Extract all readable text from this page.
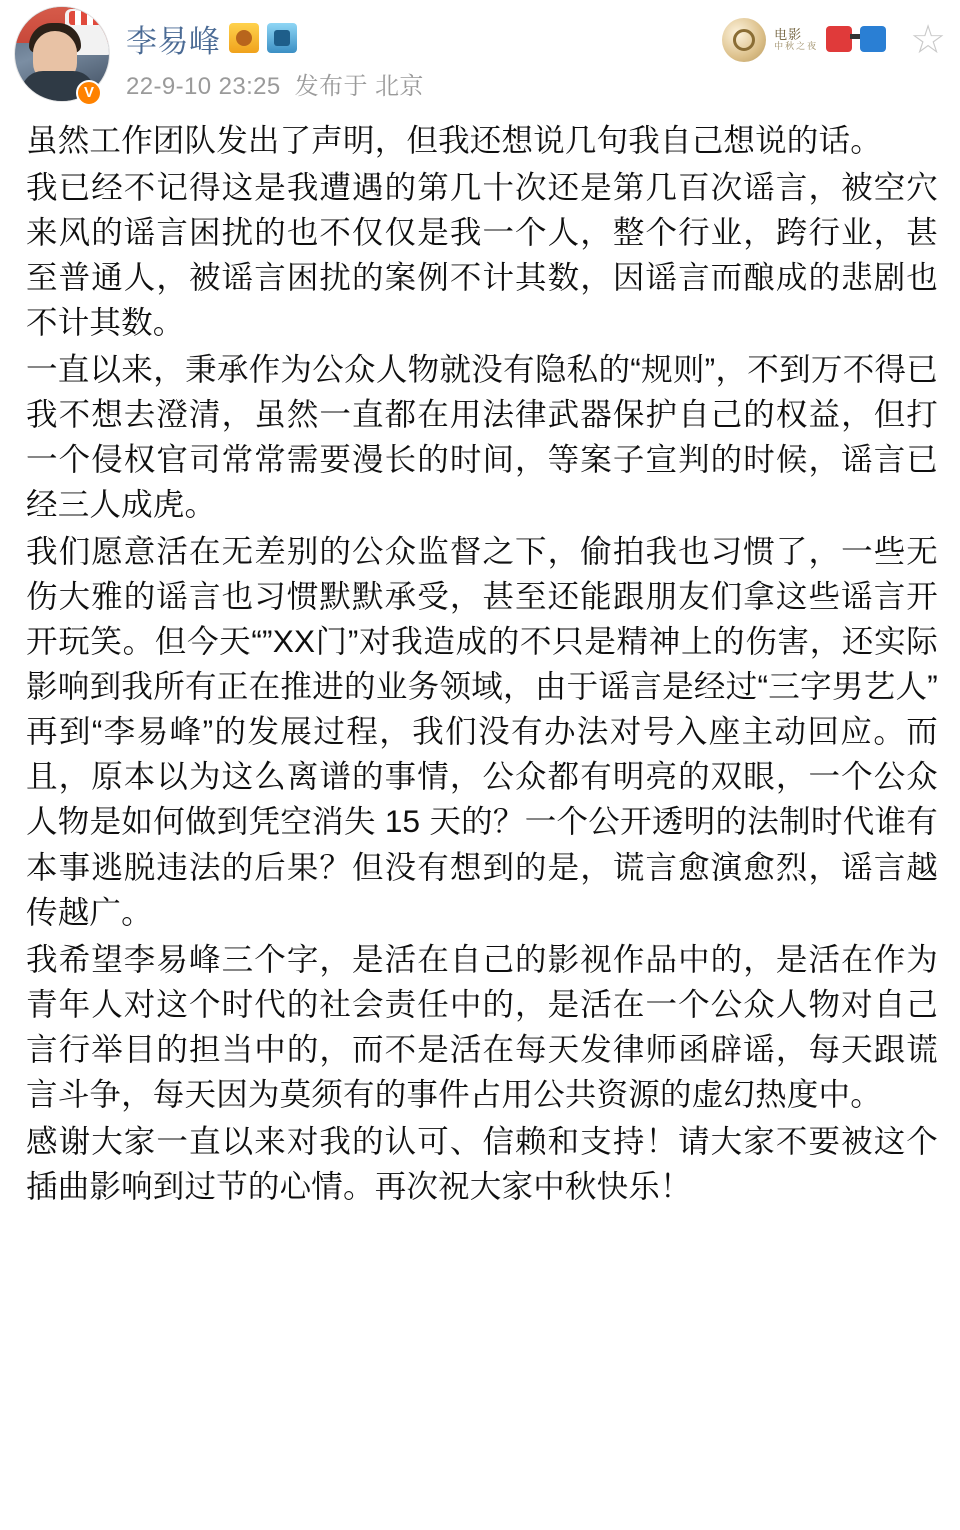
V
李易峰
22-9-10 23:25 发布于 北京
电影
中秋之夜 ☆

虽然工作团队发出了声明，但我还想说几句我自己想说的话。

我已经不记得这是我遭遇的第几十次还是第几百次谣言，被空穴来风的谣言困扰的也不仅仅是我一个人，整个行业，跨行业，甚至普通人，被谣言困扰的案例不计其数，因谣言而酿成的悲剧也不计其数。

一直以来，秉承作为公众人物就没有隐私的“规则”，不到万不得已我不想去澄清，虽然一直都在用法律武器保护自己的权益，但打一个侵权官司常常需要漫长的时间，等案子宣判的时候，谣言已经三人成虎。

我们愿意活在无差别的公众监督之下，偷拍我也习惯了，一些无伤大雅的谣言也习惯默默承受，甚至还能跟朋友们拿这些谣言开开玩笑。但今天“”XX门”对我造成的不只是精神上的伤害，还实际影响到我所有正在推进的业务领域，由于谣言是经过“三字男艺人”再到“李易峰”的发展过程，我们没有办法对号入座主动回应。而且，原本以为这么离谱的事情，公众都有明亮的双眼，一个公众人物是如何做到凭空消失 15 天的？一个公开透明的法制时代谁有本事逃脱违法的后果？但没有想到的是，谎言愈演愈烈，谣言越传越广。

我希望李易峰三个字，是活在自己的影视作品中的，是活在作为青年人对这个时代的社会责任中的，是活在一个公众人物对自己言行举目的担当中的，而不是活在每天发律师函辟谣，每天跟谎言斗争，每天因为莫须有的事件占用公共资源的虚幻热度中。

感谢大家一直以来对我的认可、信赖和支持！请大家不要被这个插曲影响到过节的心情。再次祝大家中秋快乐！
